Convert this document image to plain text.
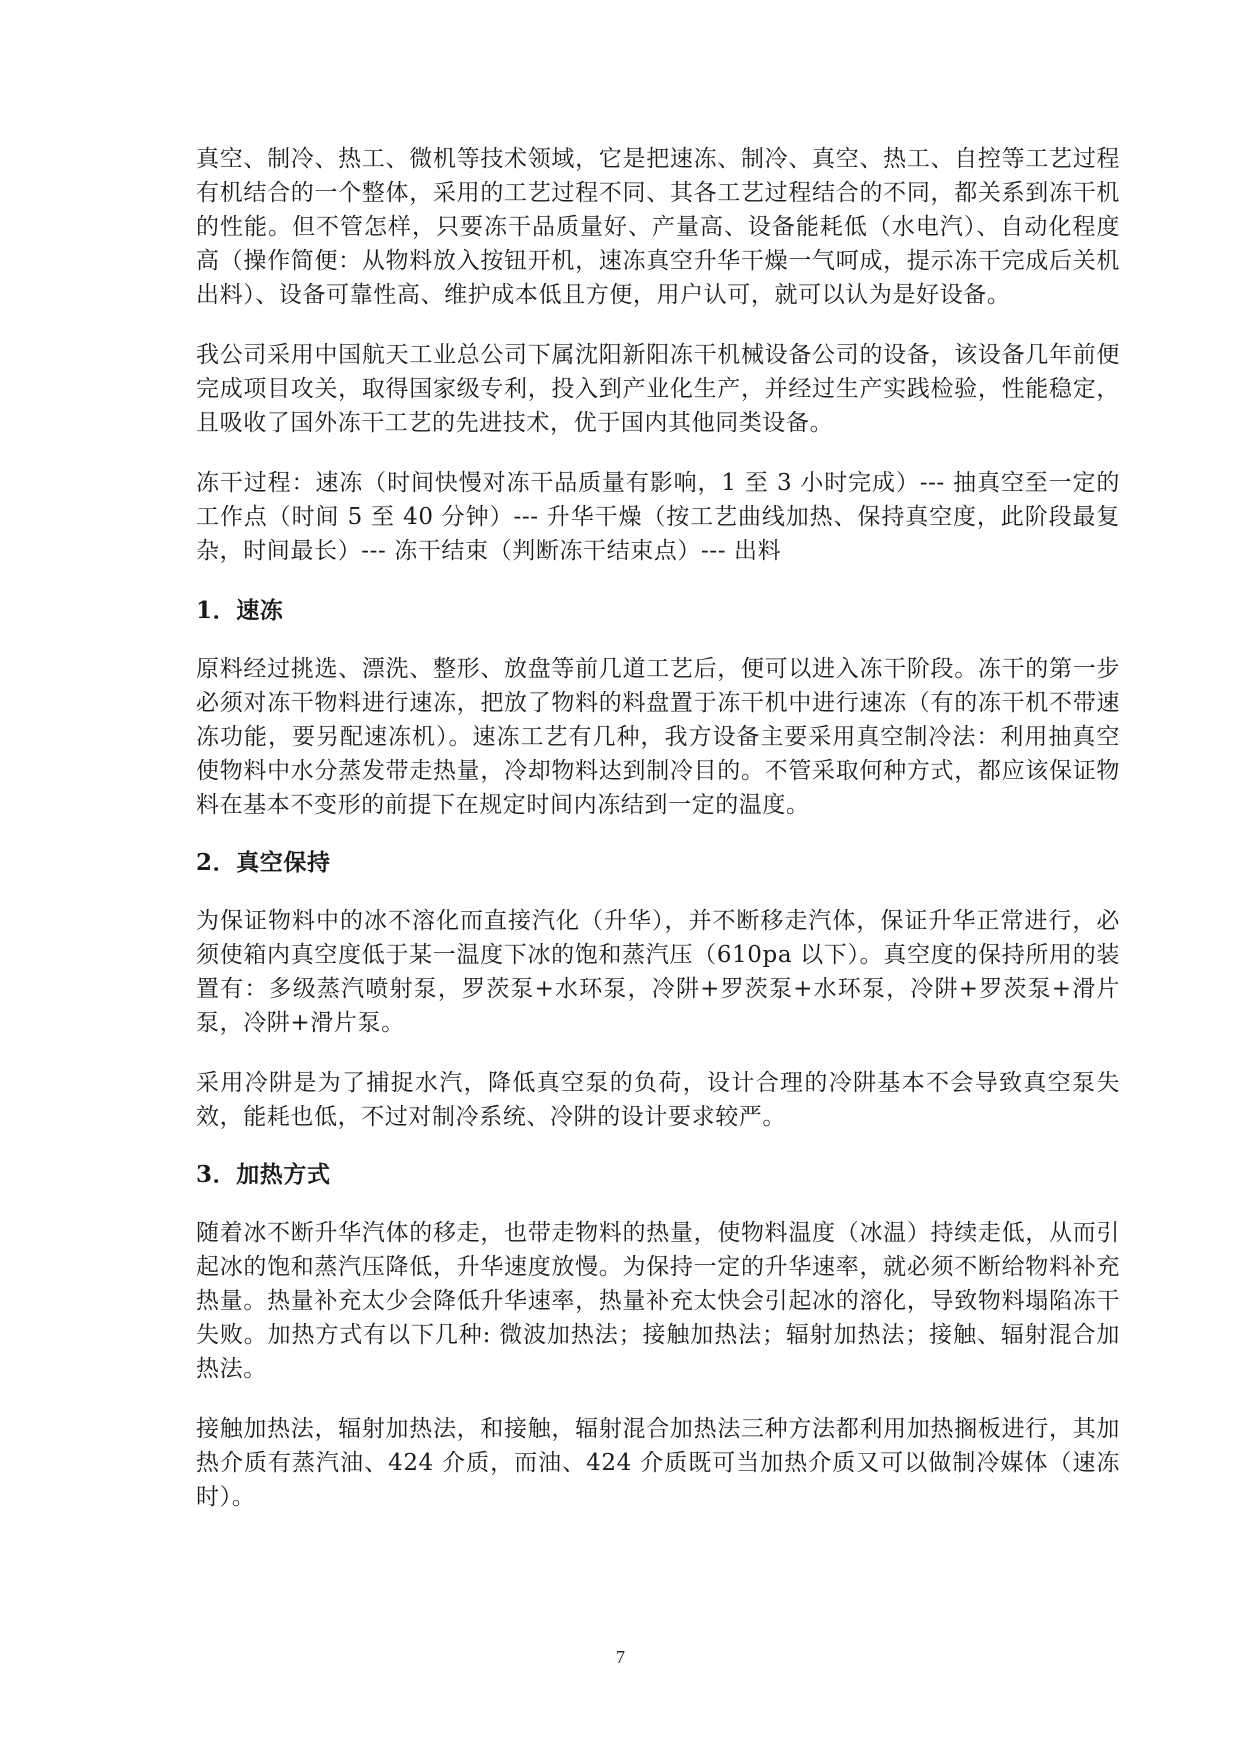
真空、制冷、热工、微机等技术领域，它是把速冻、制冷、真空、热工、自控等工艺过程有机结合的一个整体，采用的工艺过程不同、其各工艺过程结合的不同，都关系到冻干机的性能。但不管怎样，只要冻干品质量好、产量高、设备能耗低（水电汽）、自动化程度高（操作简便：从物料放入按钮开机，速冻真空升华干燥一气呵成，提示冻干完成后关机出料）、设备可靠性高、维护成本低且方便，用户认可，就可以认为是好设备。

我公司采用中国航天工业总公司下属沈阳新阳冻干机械设备公司的设备，该设备几年前便完成项目攻关，取得国家级专利，投入到产业化生产，并经过生产实践检验，性能稳定，且吸收了国外冻干工艺的先进技术，优于国内其他同类设备。

冻干过程：速冻（时间快慢对冻干品质量有影响，1 至 3 小时完成）--- 抽真空至一定的工作点（时间 5 至 40 分钟）--- 升华干燥（按工艺曲线加热、保持真空度，此阶段最复杂，时间最长）--- 冻干结束（判断冻干结束点）--- 出料

1．速冻

原料经过挑选、漂洗、整形、放盘等前几道工艺后，便可以进入冻干阶段。冻干的第一步必须对冻干物料进行速冻，把放了物料的料盘置于冻干机中进行速冻（有的冻干机不带速冻功能，要另配速冻机）。速冻工艺有几种，我方设备主要采用真空制冷法：利用抽真空使物料中水分蒸发带走热量，冷却物料达到制冷目的。不管采取何种方式，都应该保证物料在基本不变形的前提下在规定时间内冻结到一定的温度。

2．真空保持

为保证物料中的冰不溶化而直接汽化（升华），并不断移走汽体，保证升华正常进行，必须使箱内真空度低于某一温度下冰的饱和蒸汽压（610pa 以下）。真空度的保持所用的装置有：多级蒸汽喷射泵，罗茨泵+水环泵，冷阱+罗茨泵+水环泵，冷阱+罗茨泵+滑片泵，冷阱+滑片泵。

采用冷阱是为了捕捉水汽，降低真空泵的负荷，设计合理的冷阱基本不会导致真空泵失效，能耗也低，不过对制冷系统、冷阱的设计要求较严。

3．加热方式

随着冰不断升华汽体的移走，也带走物料的热量，使物料温度（冰温）持续走低，从而引起冰的饱和蒸汽压降低，升华速度放慢。为保持一定的升华速率，就必须不断给物料补充热量。热量补充太少会降低升华速率，热量补充太快会引起冰的溶化，导致物料塌陷冻干失败。加热方式有以下几种: 微波加热法；接触加热法；辐射加热法；接触、辐射混合加热法。

接触加热法，辐射加热法，和接触，辐射混合加热法三种方法都利用加热搁板进行，其加热介质有蒸汽油、424 介质，而油、424 介质既可当加热介质又可以做制冷媒体（速冻时）。

7
